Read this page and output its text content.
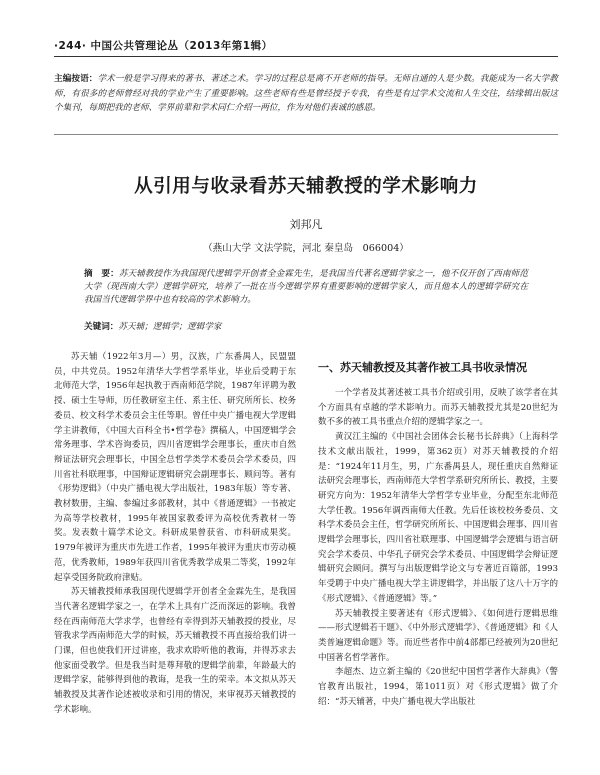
·244· 中国公共管理论丛（2013年第1辑）
主编按语：学术一般是学习得来的著书、著述之术。学习的过程总是离不开老师的指导。无师自通的人是少数。我能成为一名大学教师，有很多的老师曾经对我的学业产生了重要影响。这些老师有些是曾经授予专我，有些是有过学术交流和人生交往，结缘辑出版这个集刊，每期把我的老师、学界前辈和学术同仁介绍一两位，作为对他们表诚的感恩。
从引用与收录看苏天辅教授的学术影响力
刘邦凡
（燕山大学 文法学院，河北 秦皇岛　066004）
摘　要：苏天辅教授作为我国现代逻辑学开创者全金霖先生，是我国当代著名逻辑学家之一，他不仅开创了西南师范大学（现西南大学）逻辑学研究，培养了一批在当今逻辑学界有重要影响的逻辑学家人，而且他本人的逻辑学研究在我国当代逻辑学界中也有较高的学术影响力。
关键词：苏天辅；逻辑学；逻辑学家

苏天辅（1922年3月—）男，汉族，广东番禺人，民盟盟员，中共党员。1952年清华大学哲学系毕业，毕业后受聘于东北师范大学，1956年起执教于西南师范学院，1987年评聘为教授、硕士生导师，历任教研室主任、系主任、研究所所长、校务委员、校文科学术委员会主任等职。曾任中央广播电视大学逻辑学主讲教师，《中国大百科全书•哲学卷》撰稿人，中国逻辑学会常务理事、学术咨询委员，四川省逻辑学会理事长，重庆市自然辩证法研究会理事长，中国全总哲学类学术委员会学术委员，四川省社科联理事，中国辩证逻辑研究会副理事长、顾问等。著有《形势逻辑》（中央广播电视大学出版社，1983年版）等专著、教材数册，主编、参编过多部教材，其中《普通逻辑》一书被定为高等学校教材，1995年被国家教委评为高校优秀教材一等奖。发表数十篇学术论文。科研成果曾获省、市科研成果奖。1979年被评为重庆市先进工作者，1995年被评为重庆市劳动模范，优秀教师，1989年获四川省优秀教学成果二等奖，1992年起享受国务院政府津贴。

苏天辅教授师承我国现代逻辑学开创者全金霖先生，是我国当代著名逻辑学家之一，在学术上具有广泛而深远的影响。我曾经在西南师范大学求学，也曾经有幸得到苏天辅教授的授业，尽管我求学西南师范大学的时候，苏天辅教授不再直接给我们讲一门课，但也使我们开过讲座，我求欢聆听他的教诲，并得苏求去他家面受教学。但是我当时是尊拜敬的逻辑学前辈，年龄最大的逻辑学家，能够得到他的教诲，是我一生的荣幸。本文拟从苏天辅教授及其著作论述被收录和引用的情况，来审视苏天辅教授的学术影响。

一、苏天辅教授及其著作被工具书收录情况

一个学者及其著述被工具书介绍或引用，反映了该学者在其个方面具有卓越的学术影响力。而苏天辅教授尤其是20世纪为数不多的被工具书重点介绍的逻辑学家之一。

黄汉江主编的《中国社会团体会长秘书长辞典》（上海科学技术文献出版社，1999，第362页）对苏天辅教授的介绍是：“1924年11月生，男，广东番禺县人，现任重庆自然辩证法研究会理事长，西南师范大学哲学系研究所所长、教授，主要研究方向为：1952年清华大学哲学专业毕业，分配至东北师范大学任教。1956年调西南师大任教。先后任该校校务委员、文科学术委员会主任，哲学研究所所长、中国逻辑会理事、四川省逻辑学会理事长，四川省社联理事、中国逻辑学会逻辑与语言研究会学术委员、中华孔子研究会学术委员、中国逻辑学会辩证逻辑研究会顾问。撰写与出版逻辑学论文与专著近百篇部，1993年受聘于中央广播电视大学主讲逻辑学，并出版了这八十万字的《形式逻辑》、《普通逻辑》等。”

苏天辅教授主要著述有《形式逻辑》、《如何进行逻辑思维——形式逻辑若干题》、《中外形式逻辑学》、《普通逻辑》和《人类普遍逻辑命题》等。而近些者作中前4部都已经被列为20世纪中国著名哲学著作。

李超杰、边立新主编的《20世纪中国哲学著作大辞典》（警官教育出版社，1994，第1011页）对《形式逻辑》做了介绍：“苏天辅著，中央广播电视大学出版社
